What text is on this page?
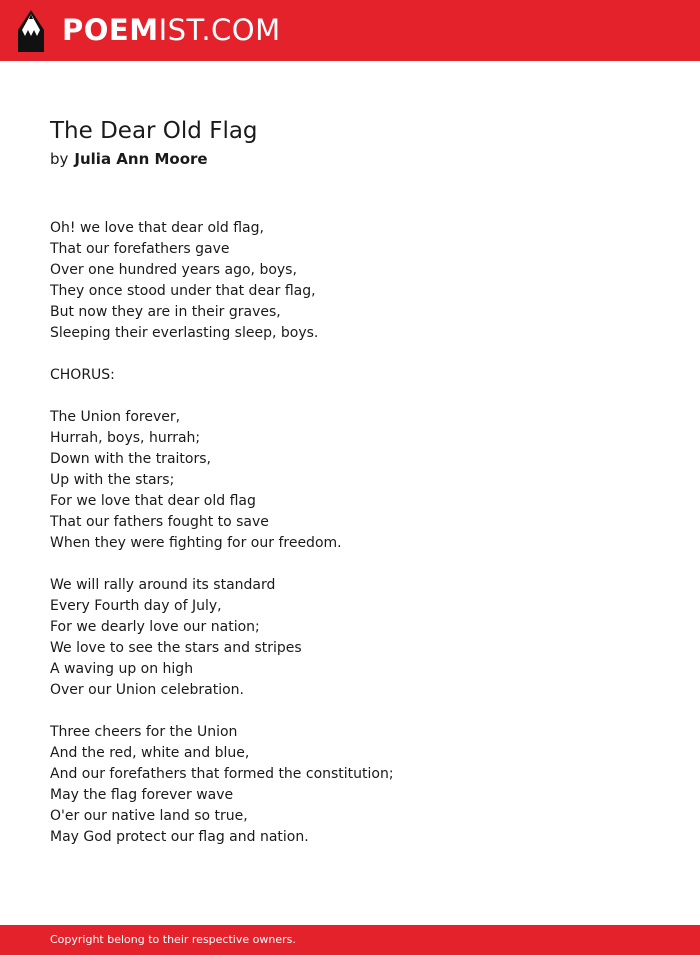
POEMIST.COM
The Dear Old Flag
by Julia Ann Moore
Oh! we love that dear old flag,
That our forefathers gave
Over one hundred years ago, boys,
They once stood under that dear flag,
But now they are in their graves,
Sleeping their everlasting sleep, boys.
CHORUS:
The Union forever,
Hurrah, boys, hurrah;
Down with the traitors,
Up with the stars;
For we love that dear old flag
That our fathers fought to save
When they were fighting for our freedom.
We will rally around its standard
Every Fourth day of July,
For we dearly love our nation;
We love to see the stars and stripes
A waving up on high
Over our Union celebration.
Three cheers for the Union
And the red, white and blue,
And our forefathers that formed the constitution;
May the flag forever wave
O'er our native land so true,
May God protect our flag and nation.
Copyright belong to their respective owners.
